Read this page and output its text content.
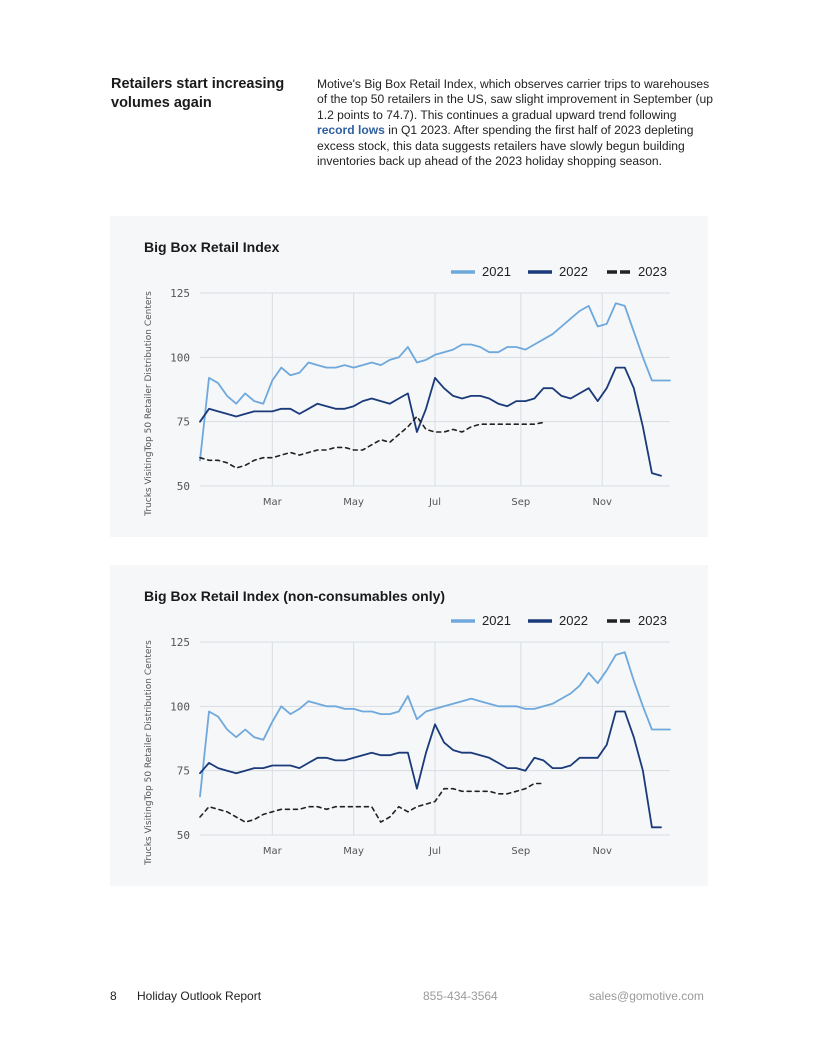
Retailers start increasing volumes again

Motive's Big Box Retail Index, which observes carrier trips to warehouses of the top 50 retailers in the US, saw slight improvement in September (up 1.2 points to 74.7). This continues a gradual upward trend following record lows in Q1 2023. After spending the first half of 2023 depleting excess stock, this data suggests retailers have slowly begun building inventories back up ahead of the 2023 holiday shopping season.

Big Box Retail Index
50
75
100
125
Mar	May	Jul	Sep	Nov
Trucks VisitingTop 50 Retailer Distribution Centers
2021	2022	2023
Big Box Retail Index (non-consumables only)
50
75
100
125
Mar	May	Jul	Sep	Nov
Trucks VisitingTop 50 Retailer Distribution Centers
2021	2022	2023
8 Holiday Outlook Report	855-434-3564	sales@gomotive.com
